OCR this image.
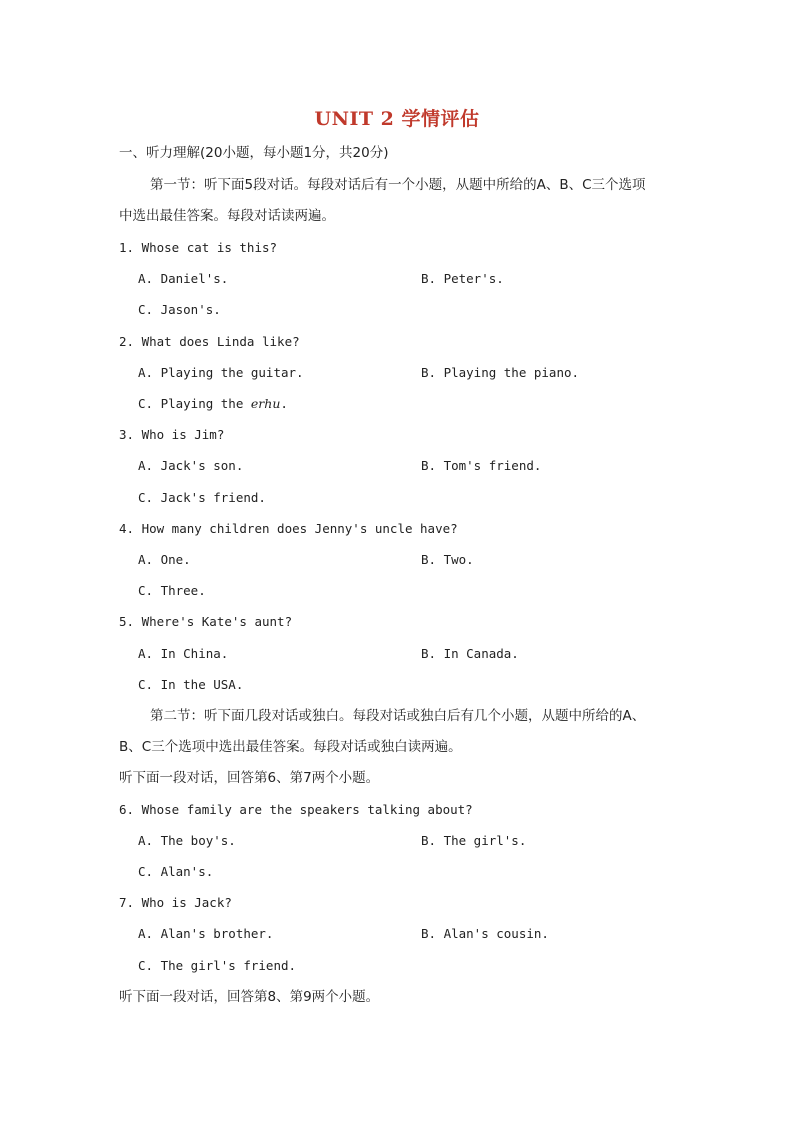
UNIT 2 学情评估
一、听力理解(20小题，每小题1分，共20分)
第一节：听下面5段对话。每段对话后有一个小题，从题中所给的A、B、C三个选项
中选出最佳答案。每段对话读两遍。
1. Whose cat is this?
A. Daniel's.	B. Peter's.
C. Jason's.
2. What does Linda like?
A. Playing the guitar.	B. Playing the piano.
C. Playing the erhu.
3. Who is Jim?
A. Jack's son.	B. Tom's friend.
C. Jack's friend.
4. How many children does Jenny's uncle have?
A. One.	B. Two.
C. Three.
5. Where's Kate's aunt?
A. In China.	B. In Canada.
C. In the USA.
第二节：听下面几段对话或独白。每段对话或独白后有几个小题，从题中所给的A、
B、C三个选项中选出最佳答案。每段对话或独白读两遍。
听下面一段对话，回答第6、第7两个小题。
6. Whose family are the speakers talking about?
A. The boy's.	B. The girl's.
C. Alan's.
7. Who is Jack?
A. Alan's brother.	B. Alan's cousin.
C. The girl's friend.
听下面一段对话，回答第8、第9两个小题。
